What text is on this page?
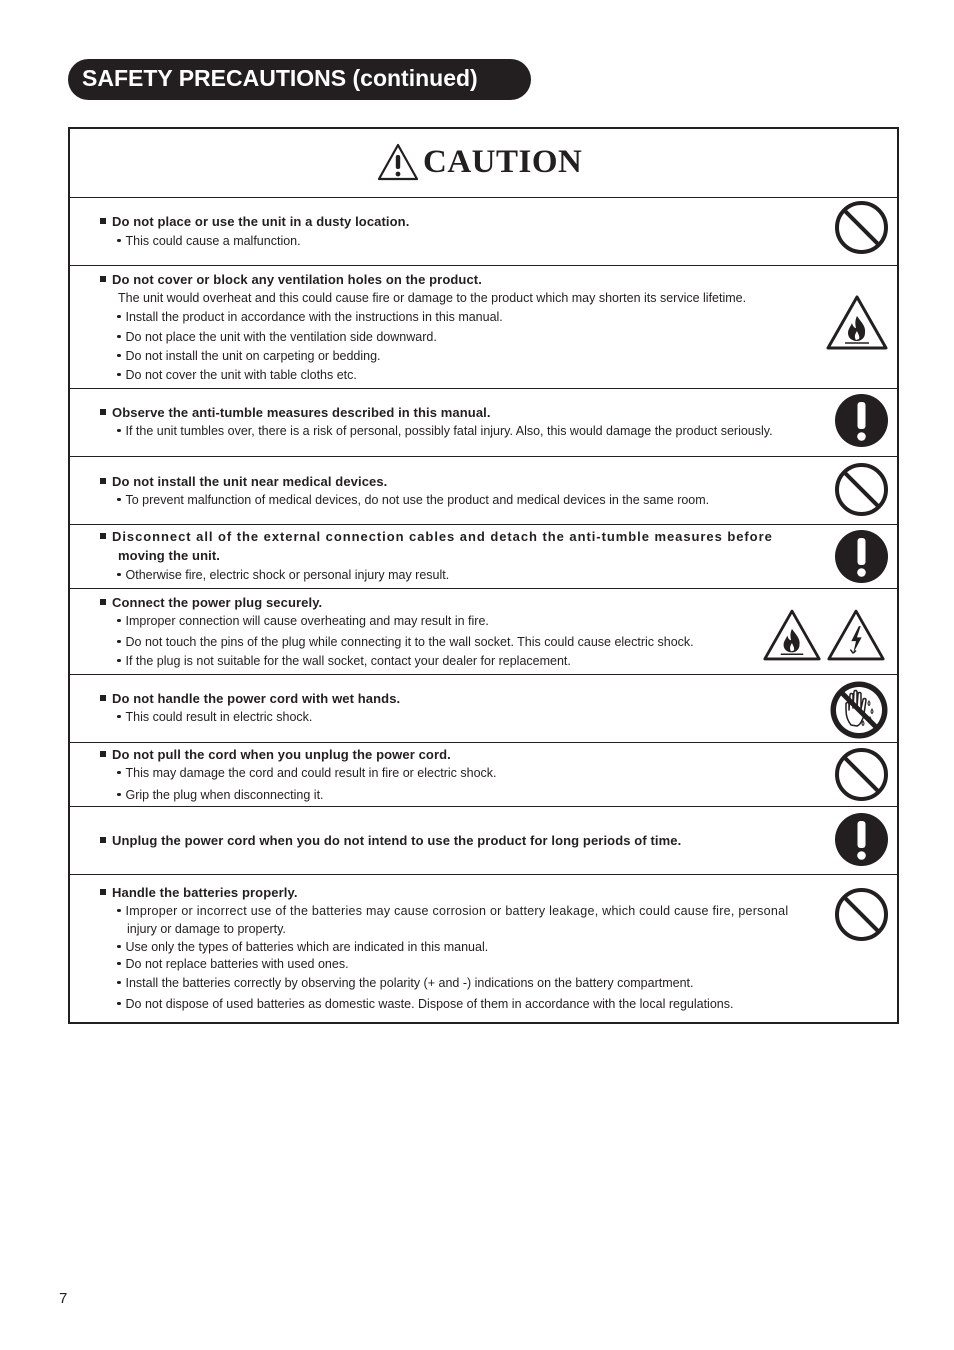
SAFETY PRECAUTIONS (continued)
CAUTION
Do not place or use the unit in a dusty location.
This could cause a malfunction.
Do not cover or block any ventilation holes on the product.
The unit would overheat and this could cause fire or damage to the product which may shorten its service lifetime.
Install the product in accordance with the instructions in this manual.
Do not place the unit with the ventilation side downward.
Do not install the unit on carpeting or bedding.
Do not cover the unit with table cloths etc.
Observe the anti-tumble measures described in this manual.
If the unit tumbles over, there is a risk of personal, possibly fatal injury. Also, this would damage the product seriously.
Do not install the unit near medical devices.
To prevent malfunction of medical devices, do not use the product and medical devices in the same room.
Disconnect all of the external connection cables and detach the anti-tumble measures before
moving the unit.
Otherwise fire, electric shock or personal injury may result.
Connect the power plug securely.
Improper connection will cause overheating and may result in fire.
Do not touch the pins of the plug while connecting it to the wall socket. This could cause electric shock.
If the plug is not suitable for the wall socket, contact your dealer for replacement.
Do not handle the power cord with wet hands.
This could result in electric shock.
Do not pull the cord when you unplug the power cord.
This may damage the cord and could result in fire or electric shock.
Grip the plug when disconnecting it.
Unplug the power cord when you do not intend to use the product for long periods of time.
Handle the batteries properly.
Improper or incorrect use of the batteries may cause corrosion or battery leakage, which could cause fire, personal
injury or damage to property.
Use only the types of batteries which are indicated in this manual.
Do not replace batteries with used ones.
Install the batteries correctly by observing the polarity (+ and -) indications on the battery compartment.
Do not dispose of used batteries as domestic waste. Dispose of them in accordance with the local regulations.
7
